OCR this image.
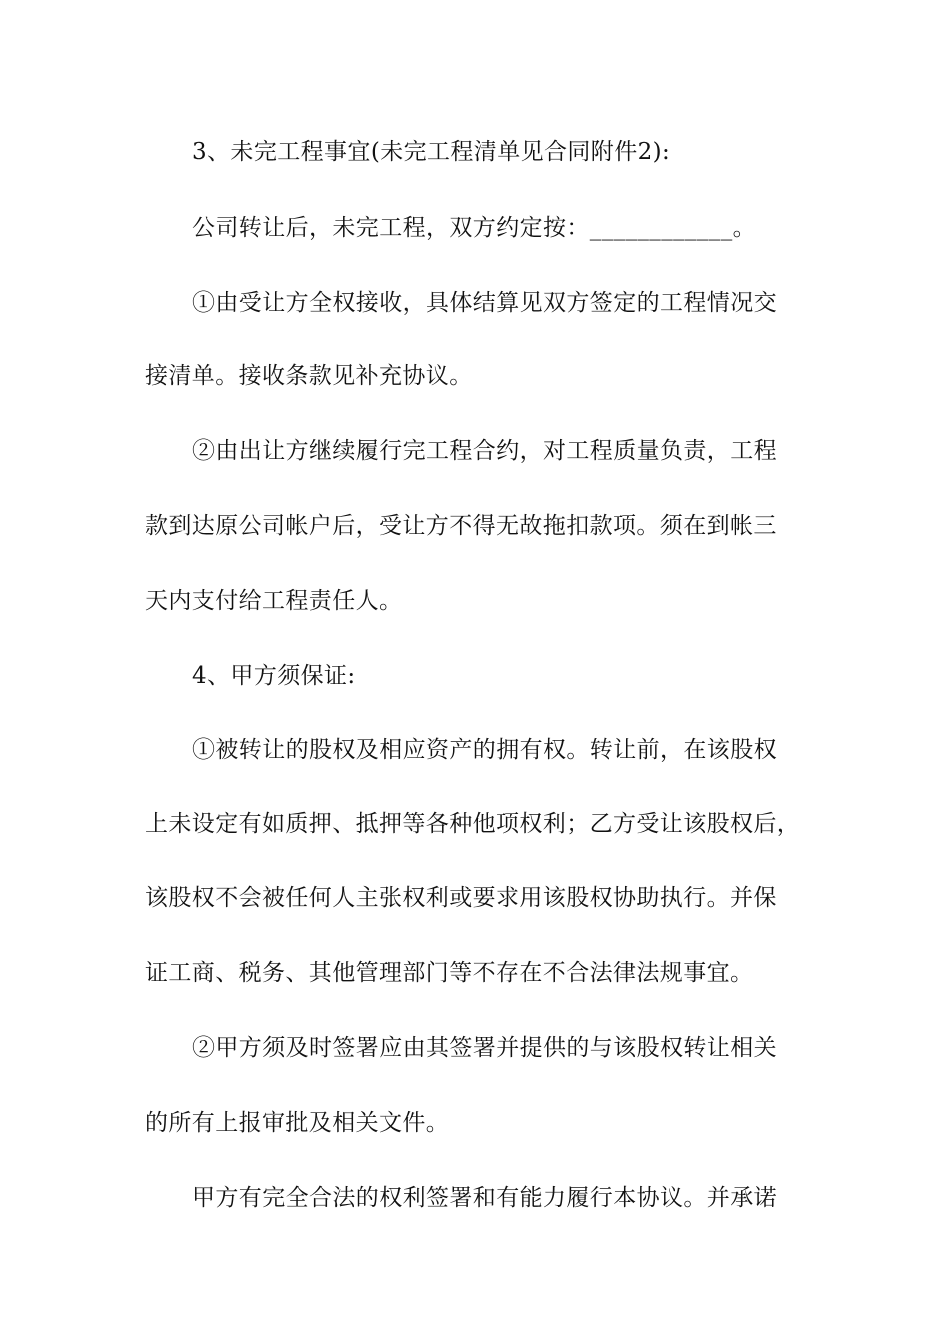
3、未完工程事宜(未完工程清单见合同附件2):
公司转让后，未完工程，双方约定按：____________。
①由受让方全权接收，具体结算见双方签定的工程情况交
接清单。接收条款见补充协议。
②由出让方继续履行完工程合约，对工程质量负责，工程
款到达原公司帐户后，受让方不得无故拖扣款项。须在到帐三
天内支付给工程责任人。
4、甲方须保证:
①被转让的股权及相应资产的拥有权。转让前，在该股权
上未设定有如质押、抵押等各种他项权利；乙方受让该股权后，
该股权不会被任何人主张权利或要求用该股权协助执行。并保
证工商、税务、其他管理部门等不存在不合法律法规事宜。
②甲方须及时签署应由其签署并提供的与该股权转让相关
的所有上报审批及相关文件。
甲方有完全合法的权利签署和有能力履行本协议。并承诺
